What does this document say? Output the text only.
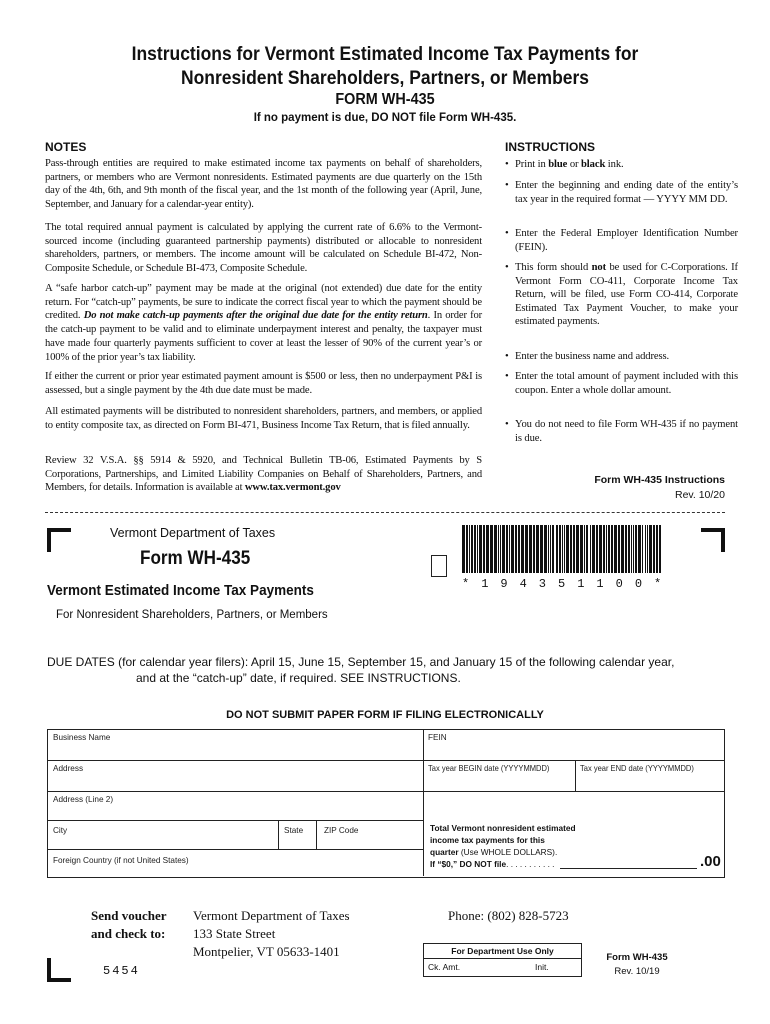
Instructions for Vermont Estimated Income Tax Payments for
Nonresident Shareholders, Partners, or Members
FORM WH-435
If no payment is due, DO NOT file Form WH-435.
NOTES
Pass-through entities are required to make estimated income tax payments on behalf of shareholders, partners, or members who are Vermont nonresidents. Estimated payments are due quarterly on the 15th day of the 4th, 6th, and 9th month of the fiscal year, and the 1st month of the following year (April, June, September, and January for a calendar-year entity).
The total required annual payment is calculated by applying the current rate of 6.6% to the Vermont-sourced income (including guaranteed partnership payments) distributed or allocable to nonresident shareholders, partners, or members. The income amount will be calculated on Schedule BI-472, Non-Composite Schedule, or Schedule BI-473, Composite Schedule.
A “safe harbor catch-up” payment may be made at the original (not extended) due date for the entity return. For “catch-up” payments, be sure to indicate the correct fiscal year to which the payment should be credited. Do not make catch-up payments after the original due date for the entity return. In order for the catch-up payment to be valid and to eliminate underpayment interest and penalty, the taxpayer must have made four quarterly payments sufficient to cover at least the lesser of 90% of the current year’s or 100% of the prior year’s tax liability.
If either the current or prior year estimated payment amount is $500 or less, then no underpayment P&I is assessed, but a single payment by the 4th due date must be made.
All estimated payments will be distributed to nonresident shareholders, partners, and members, or applied to entity composite tax, as directed on Form BI-471, Business Income Tax Return, that is filed annually.
Review 32 V.S.A. §§ 5914 & 5920, and Technical Bulletin TB-06, Estimated Payments by S Corporations, Partnerships, and Limited Liability Companies on Behalf of Shareholders, Partners, and Members, for details. Information is available at www.tax.vermont.gov
INSTRUCTIONS
• Print in blue or black ink.
• Enter the beginning and ending date of the entity’s tax year in the required format — YYYY MM DD.
• Enter the Federal Employer Identification Number (FEIN).
• This form should not be used for C-Corporations. If Vermont Form CO-411, Corporate Income Tax Return, will be filed, use Form CO-414, Corporate Estimated Tax Payment Voucher, to make your estimated payments.
• Enter the business name and address.
• Enter the total amount of payment included with this coupon. Enter a whole dollar amount.
• You do not need to file Form WH-435 if no payment is due.
Form WH-435 Instructions
Rev. 10/20
Vermont Department of Taxes
Form WH-435
Vermont Estimated Income Tax Payments
For Nonresident Shareholders, Partners, or Members
* 1 9 4 3 5 1 1 0 0 *
DUE DATES (for calendar year filers): April 15, June 15, September 15, and January 15 of the following calendar year,
and at the “catch-up” date, if required. SEE INSTRUCTIONS.
DO NOT SUBMIT PAPER FORM IF FILING ELECTRONICALLY
Business Name	FEIN
Address	Tax year BEGIN date (YYYYMMDD)	Tax year END date (YYYYMMDD)
Address (Line 2)
City	State	ZIP Code
Foreign Country (if not United States)
Total Vermont nonresident estimated
income tax payments for this
quarter (Use WHOLE DOLLARS).
If “$0,” DO NOT file. . . . . . . . . . .	.00
Send voucher
and check to:
Vermont Department of Taxes
133 State Street
Montpelier, VT 05633-1401
Phone: (802) 828-5723
For Department Use Only
Ck. Amt.	Init.
Form WH-435
Rev. 10/19
5454
